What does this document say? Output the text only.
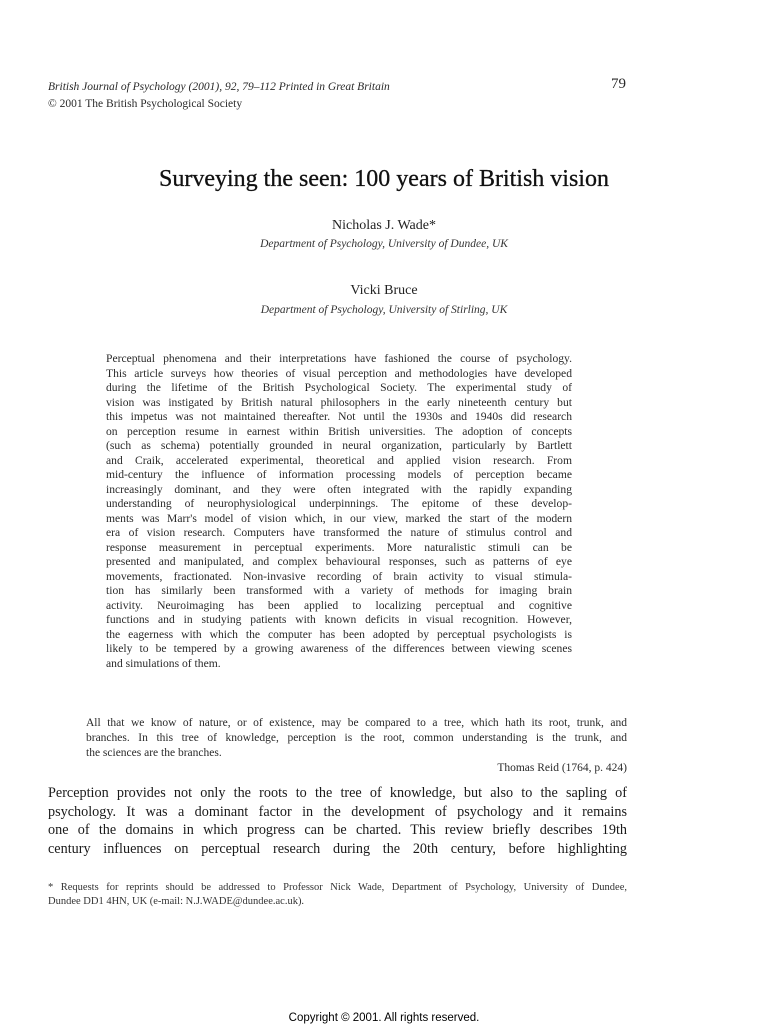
British Journal of Psychology (2001), 92, 79–112 Printed in Great Britain
© 2001 The British Psychological Society
79
Surveying the seen: 100 years of British vision
Nicholas J. Wade*
Department of Psychology, University of Dundee, UK
Vicki Bruce
Department of Psychology, University of Stirling, UK
Perceptual phenomena and their interpretations have fashioned the course of psychology.
This article surveys how theories of visual perception and methodologies have developed
during the lifetime of the British Psychological Society. The experimental study of
vision was instigated by British natural philosophers in the early nineteenth century but
this impetus was not maintained thereafter. Not until the 1930s and 1940s did research
on perception resume in earnest within British universities. The adoption of concepts
(such as schema) potentially grounded in neural organization, particularly by Bartlett
and Craik, accelerated experimental, theoretical and applied vision research. From
mid-century the influence of information processing models of perception became
increasingly dominant, and they were often integrated with the rapidly expanding
understanding of neurophysiological underpinnings. The epitome of these develop-
ments was Marr's model of vision which, in our view, marked the start of the modern
era of vision research. Computers have transformed the nature of stimulus control and
response measurement in perceptual experiments. More naturalistic stimuli can be
presented and manipulated, and complex behavioural responses, such as patterns of eye
movements, fractionated. Non-invasive recording of brain activity to visual stimula-
tion has similarly been transformed with a variety of methods for imaging brain
activity. Neuroimaging has been applied to localizing perceptual and cognitive
functions and in studying patients with known deficits in visual recognition. However,
the eagerness with which the computer has been adopted by perceptual psychologists is
likely to be tempered by a growing awareness of the differences between viewing scenes
and simulations of them.
All that we know of nature, or of existence, may be compared to a tree, which hath its root, trunk, and
branches. In this tree of knowledge, perception is the root, common understanding is the trunk, and
the sciences are the branches.
Thomas Reid (1764, p. 424)
Perception provides not only the roots to the tree of knowledge, but also to the sapling of
psychology. It was a dominant factor in the development of psychology and it remains
one of the domains in which progress can be charted. This review briefly describes 19th
century influences on perceptual research during the 20th century, before highlighting
* Requests for reprints should be addressed to Professor Nick Wade, Department of Psychology, University of Dundee,
Dundee DD1 4HN, UK (e-mail: N.J.WADE@dundee.ac.uk).
Copyright © 2001. All rights reserved.
